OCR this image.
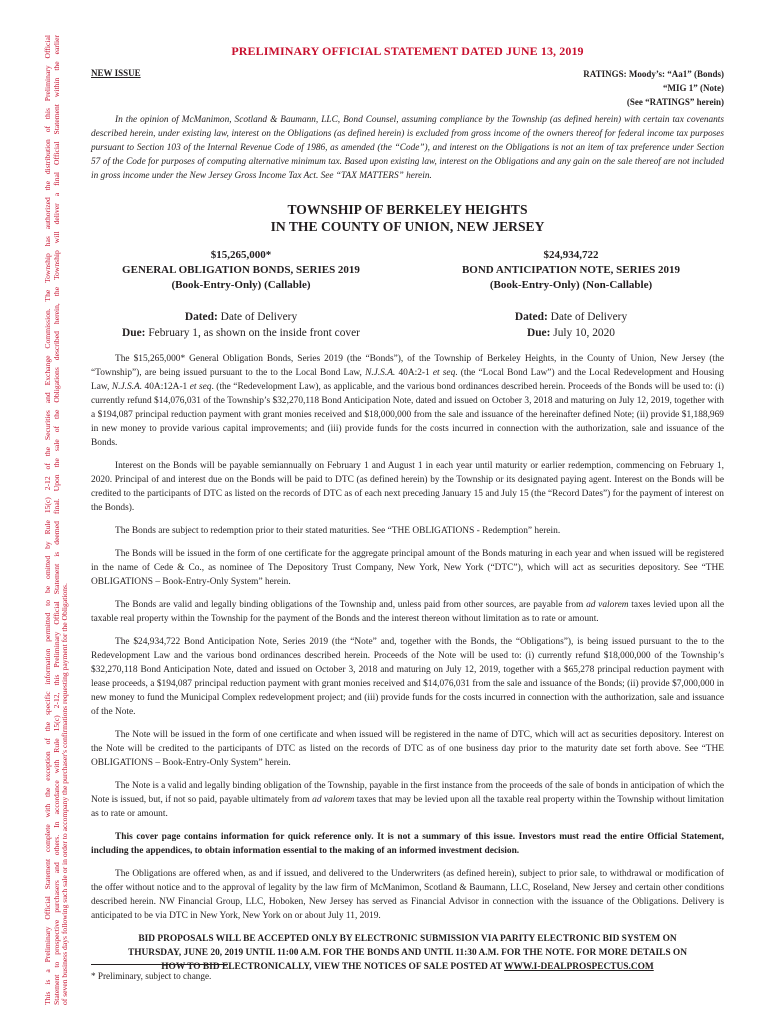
This is a Preliminary Official Statement complete with the exception of the specific information permitted to be omitted by Rule 15(c) 2-12 of the Securities and Exchange Commission. The Township has authorized the distribution of this Preliminary Official Statement to prospective purchasers and others. In accordance with Rule 15(c) 2-12, this Preliminary Official Statement is deemed final. Upon the sale of the Obligations described herein, the Township will deliver a final Official Statement within the earlier of seven business days following such sale or in order to accompany the purchaser's confirmations requesting payment for the Obligations.
PRELIMINARY OFFICIAL STATEMENT DATED JUNE 13, 2019
NEW ISSUE	RATINGS: Moody’s: “Aa1” (Bonds)
“MIG 1” (Note)
(See “RATINGS” herein)
In the opinion of McManimon, Scotland & Baumann, LLC, Bond Counsel, assuming compliance by the Township (as defined herein) with certain tax covenants described herein, under existing law, interest on the Obligations (as defined herein) is excluded from gross income of the owners thereof for federal income tax purposes pursuant to Section 103 of the Internal Revenue Code of 1986, as amended (the “Code”), and interest on the Obligations is not an item of tax preference under Section 57 of the Code for purposes of computing alternative minimum tax. Based upon existing law, interest on the Obligations and any gain on the sale thereof are not included in gross income under the New Jersey Gross Income Tax Act. See “TAX MATTERS” herein.
TOWNSHIP OF BERKELEY HEIGHTS
IN THE COUNTY OF UNION, NEW JERSEY
$15,265,000*
GENERAL OBLIGATION BONDS, SERIES 2019
(Book-Entry-Only) (Callable)
Dated: Date of Delivery
Due: February 1, as shown on the inside front cover
$24,934,722
BOND ANTICIPATION NOTE, SERIES 2019
(Book-Entry-Only) (Non-Callable)
Dated: Date of Delivery
Due: July 10, 2020

The $15,265,000* General Obligation Bonds, Series 2019 (the “Bonds”), of the Township of Berkeley Heights, in the County of Union, New Jersey (the “Township”), are being issued pursuant to the to the Local Bond Law, N.J.S.A. 40A:2-1 et seq. (the “Local Bond Law”) and the Local Redevelopment and Housing Law, N.J.S.A. 40A:12A-1 et seq. (the “Redevelopment Law), as applicable, and the various bond ordinances described herein. Proceeds of the Bonds will be used to: (i) currently refund $14,076,031 of the Township’s $32,270,118 Bond Anticipation Note, dated and issued on October 3, 2018 and maturing on July 12, 2019, together with a $194,087 principal reduction payment with grant monies received and $18,000,000 from the sale and issuance of the hereinafter defined Note; (ii) provide $1,188,969 in new money to provide various capital improvements; and (iii) provide funds for the costs incurred in connection with the authorization, sale and issuance of the Bonds.

Interest on the Bonds will be payable semiannually on February 1 and August 1 in each year until maturity or earlier redemption, commencing on February 1, 2020. Principal of and interest due on the Bonds will be paid to DTC (as defined herein) by the Township or its designated paying agent. Interest on the Bonds will be credited to the participants of DTC as listed on the records of DTC as of each next preceding January 15 and July 15 (the “Record Dates”) for the payment of interest on the Bonds).

The Bonds are subject to redemption prior to their stated maturities. See “THE OBLIGATIONS - Redemption” herein.

The Bonds will be issued in the form of one certificate for the aggregate principal amount of the Bonds maturing in each year and when issued will be registered in the name of Cede & Co., as nominee of The Depository Trust Company, New York, New York (“DTC”), which will act as securities depository. See “THE OBLIGATIONS – Book-Entry-Only System” herein.

The Bonds are valid and legally binding obligations of the Township and, unless paid from other sources, are payable from ad valorem taxes levied upon all the taxable real property within the Township for the payment of the Bonds and the interest thereon without limitation as to rate or amount.

The $24,934,722 Bond Anticipation Note, Series 2019 (the “Note” and, together with the Bonds, the “Obligations”), is being issued pursuant to the to the Redevelopment Law and the various bond ordinances described herein. Proceeds of the Note will be used to: (i) currently refund $18,000,000 of the Township’s $32,270,118 Bond Anticipation Note, dated and issued on October 3, 2018 and maturing on July 12, 2019, together with a $65,278 principal reduction payment with lease proceeds, a $194,087 principal reduction payment with grant monies received and $14,076,031 from the sale and issuance of the Bonds; (ii) provide $7,000,000 in new money to fund the Municipal Complex redevelopment project; and (iii) provide funds for the costs incurred in connection with the authorization, sale and issuance of the Note.

The Note will be issued in the form of one certificate and when issued will be registered in the name of DTC, which will act as securities depository. Interest on the Note will be credited to the participants of DTC as listed on the records of DTC as of one business day prior to the maturity date set forth above. See “THE OBLIGATIONS – Book-Entry-Only System” herein.

The Note is a valid and legally binding obligation of the Township, payable in the first instance from the proceeds of the sale of bonds in anticipation of which the Note is issued, but, if not so paid, payable ultimately from ad valorem taxes that may be levied upon all the taxable real property within the Township without limitation as to rate or amount.

This cover page contains information for quick reference only. It is not a summary of this issue. Investors must read the entire Official Statement, including the appendices, to obtain information essential to the making of an informed investment decision.

The Obligations are offered when, as and if issued, and delivered to the Underwriters (as defined herein), subject to prior sale, to withdrawal or modification of the offer without notice and to the approval of legality by the law firm of McManimon, Scotland & Baumann, LLC, Roseland, New Jersey and certain other conditions described herein. NW Financial Group, LLC, Hoboken, New Jersey has served as Financial Advisor in connection with the issuance of the Obligations. Delivery is anticipated to be via DTC in New York, New York on or about July 11, 2019.

BID PROPOSALS WILL BE ACCEPTED ONLY BY ELECTRONIC SUBMISSION VIA PARITY ELECTRONIC BID SYSTEM ON THURSDAY, JUNE 20, 2019 UNTIL 11:00 A.M. FOR THE BONDS AND UNTIL 11:30 A.M. FOR THE NOTE. FOR MORE DETAILS ON HOW TO BID ELECTRONICALLY, VIEW THE NOTICES OF SALE POSTED AT WWW.I-DEALPROSPECTUS.COM

* Preliminary, subject to change.
